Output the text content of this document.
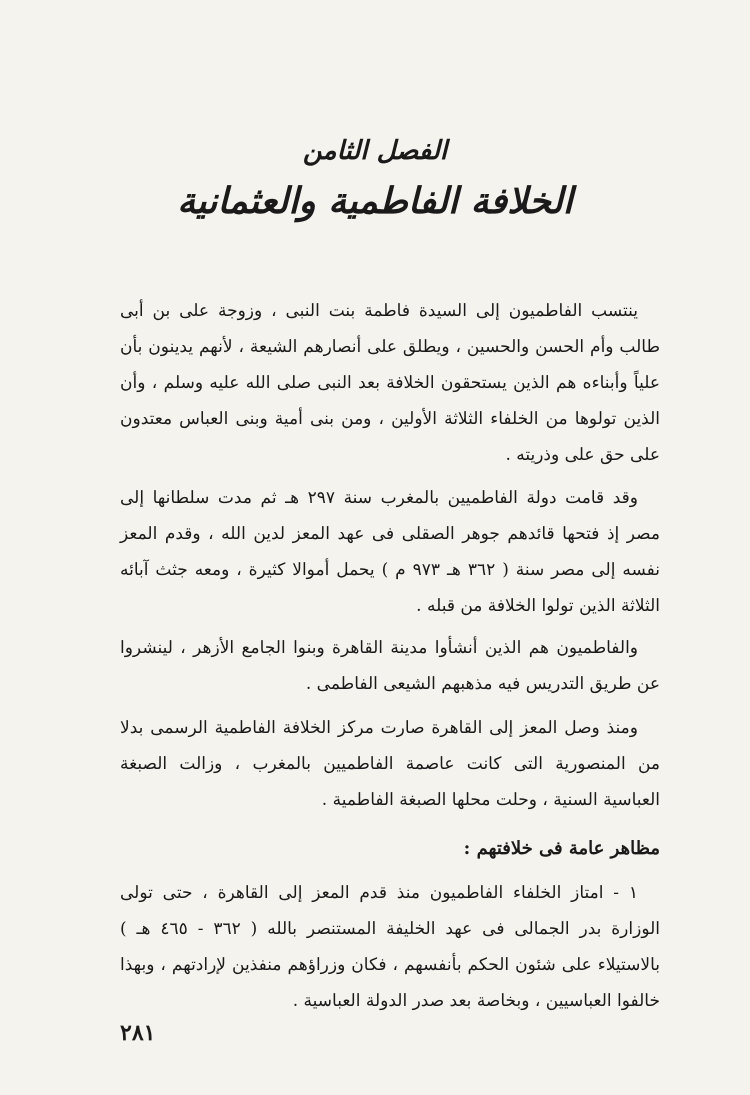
الفصل الثامن
الخلافة الفاطمية والعثمانية

ينتسب الفاطميون إلى السيدة فاطمة بنت النبى ، وزوجة على بن أبى طالب وأم الحسن والحسين ، ويطلق على أنصارهم الشيعة ، لأنهم يدينون بأن علياً وأبناءه هم الذين يستحقون الخلافة بعد النبى صلى الله عليه وسلم ، وأن الذين تولوها من الخلفاء الثلاثة الأولين ، ومن بنى أمية وبنى العباس معتدون على حق على وذريته .

وقد قامت دولة الفاطميين بالمغرب سنة ٢٩٧ هـ ثم مدت سلطانها إلى مصر إذ فتحها قائدهم جوهر الصقلى فى عهد المعز لدين الله ، وقدم المعز نفسه إلى مصر سنة ( ٣٦٢ هـ ٩٧٣ م ) يحمل أموالا كثيرة ، ومعه جثث آبائه الثلاثة الذين تولوا الخلافة من قبله .

والفاطميون هم الذين أنشأوا مدينة القاهرة وبنوا الجامع الأزهر ، لينشروا عن طريق التدريس فيه مذهبهم الشيعى الفاطمى .

ومنذ وصل المعز إلى القاهرة صارت مركز الخلافة الفاطمية الرسمى بدلا من المنصورية التى كانت عاصمة الفاطميين بالمغرب ، وزالت الصبغة العباسية السنية ، وحلت محلها الصبغة الفاطمية .

مظاهر عامة فى خلافتهم :

١ - امتاز الخلفاء الفاطميون منذ قدم المعز إلى القاهرة ، حتى تولى الوزارة بدر الجمالى فى عهد الخليفة المستنصر بالله ( ٣٦٢ - ٤٦٥ هـ ) بالاستيلاء على شئون الحكم بأنفسهم ، فكان وزراؤهم منفذين لإرادتهم ، وبهذا خالفوا العباسيين ، وبخاصة بعد صدر الدولة العباسية .

٢٨١
